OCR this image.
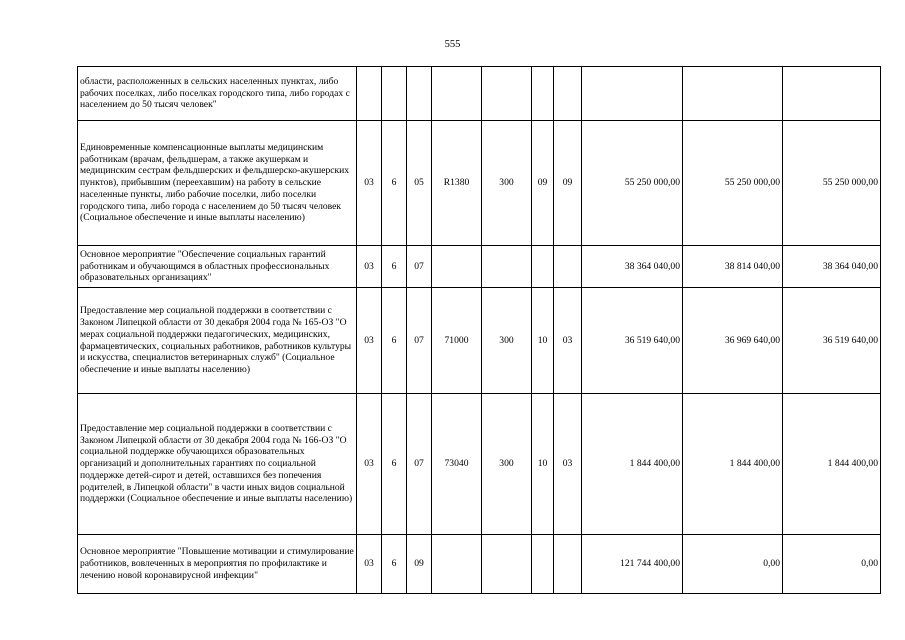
555
области, расположенных в сельских населенных пунктах, либо рабочих поселках, либо поселках городского типа, либо городах с населением до 50 тысяч человек"										
Единовременные компенсационные выплаты медицинским работникам (врачам, фельдшерам, а также акушеркам и медицинским сестрам фельдшерских и фельдшерско-акушерских пунктов), прибывшим (переехавшим) на работу в сельские населенные пункты, либо рабочие поселки, либо поселки городского типа, либо города с населением до 50 тысяч человек (Социальное обеспечение и иные выплаты населению)	03	6	05	R1380	300	09	09	55 250 000,00	55 250 000,00	55 250 000,00
Основное мероприятие "Обеспечение социальных гарантий работникам и обучающимся в областных профессиональных образовательных организациях"	03	6	07					38 364 040,00	38 814 040,00	38 364 040,00
Предоставление мер социальной поддержки в соответствии с Законом Липецкой области от 30 декабря 2004 года № 165-ОЗ "О мерах социальной поддержки педагогических, медицинских, фармацевтических, социальных работников, работников культуры и искусства, специалистов ветеринарных служб" (Социальное обеспечение и иные выплаты населению)	03	6	07	71000	300	10	03	36 519 640,00	36 969 640,00	36 519 640,00
Предоставление мер социальной поддержки в соответствии с Законом Липецкой области от 30 декабря 2004 года № 166-ОЗ "О социальной поддержке обучающихся образовательных организаций и дополнительных гарантиях по социальной поддержке детей-сирот и детей, оставшихся без попечения родителей, в Липецкой области" в части иных видов социальной поддержки (Социальное обеспечение и иные выплаты населению)	03	6	07	73040	300	10	03	1 844 400,00	1 844 400,00	1 844 400,00
Основное мероприятие "Повышение мотивации и стимулирование работников, вовлеченных в мероприятия по профилактике и лечению новой коронавирусной инфекции"	03	6	09					121 744 400,00	0,00	0,00
